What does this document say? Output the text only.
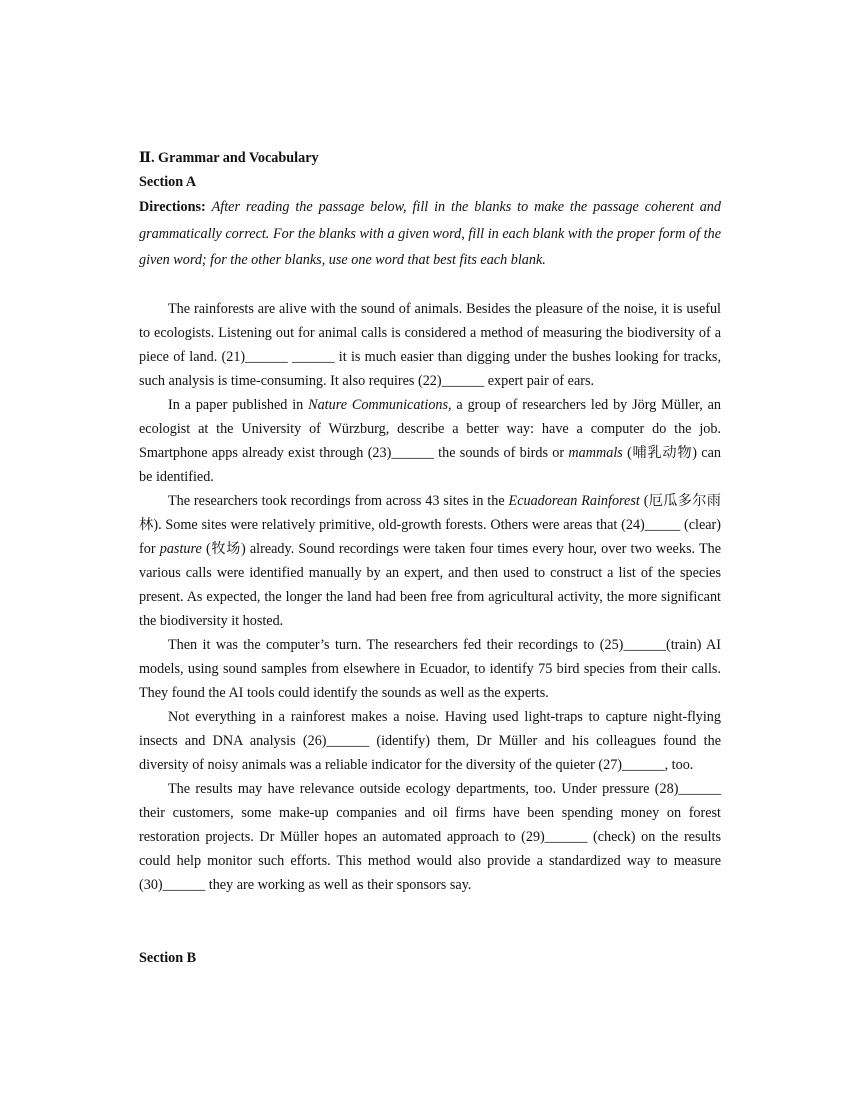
Ⅱ. Grammar and Vocabulary

Section A

Directions: After reading the passage below, fill in the blanks to make the passage coherent and grammatically correct. For the blanks with a given word, fill in each blank with the proper form of the given word; for the other blanks, use one word that best fits each blank.

The rainforests are alive with the sound of animals. Besides the pleasure of the noise, it is useful to ecologists. Listening out for animal calls is considered a method of measuring the biodiversity of a piece of land. (21)______ ______ it is much easier than digging under the bushes looking for tracks, such analysis is time-consuming. It also requires (22)______ expert pair of ears.

In a paper published in Nature Communications, a group of researchers led by Jörg Müller, an ecologist at the University of Würzburg, describe a better way: have a computer do the job. Smartphone apps already exist through (23)______ the sounds of birds or mammals (哺乳动物) can be identified.

The researchers took recordings from across 43 sites in the Ecuadorean Rainforest (厄瓜多尔雨林). Some sites were relatively primitive, old-growth forests. Others were areas that (24)_____ (clear) for pasture (牧场) already. Sound recordings were taken four times every hour, over two weeks. The various calls were identified manually by an expert, and then used to construct a list of the species present. As expected, the longer the land had been free from agricultural activity, the more significant the biodiversity it hosted.

Then it was the computer’s turn. The researchers fed their recordings to (25)______(train) AI models, using sound samples from elsewhere in Ecuador, to identify 75 bird species from their calls. They found the AI tools could identify the sounds as well as the experts.

Not everything in a rainforest makes a noise. Having used light-traps to capture night-flying insects and DNA analysis (26)______ (identify) them, Dr Müller and his colleagues found the diversity of noisy animals was a reliable indicator for the diversity of the quieter (27)______, too.

The results may have relevance outside ecology departments, too. Under pressure (28)______ their customers, some make-up companies and oil firms have been spending money on forest restoration projects. Dr Müller hopes an automated approach to (29)______ (check) on the results could help monitor such efforts. This method would also provide a standardized way to measure (30)______ they are working as well as their sponsors say.

Section B
